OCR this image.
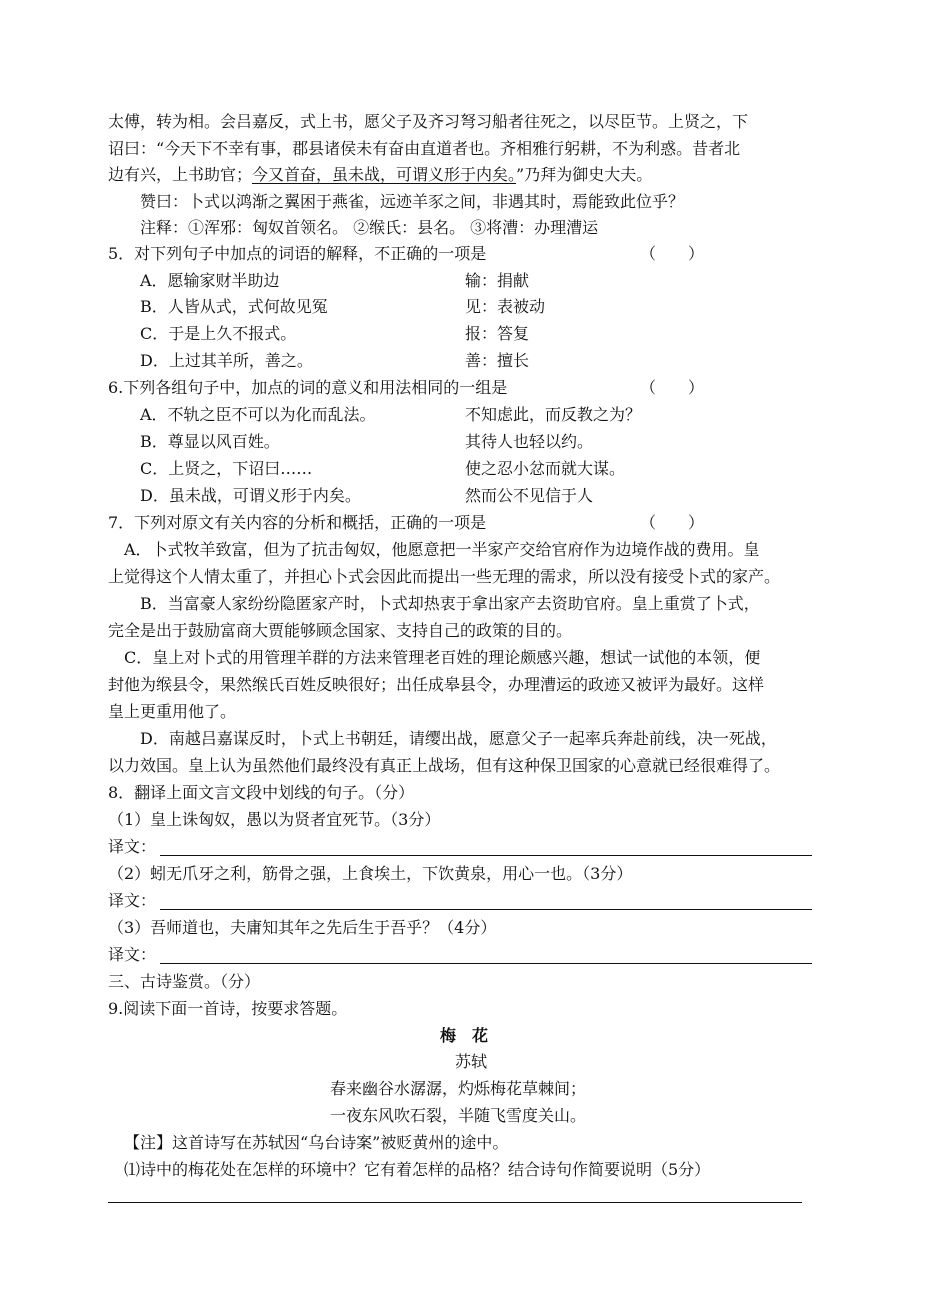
太傅，转为相。会吕嘉反，式上书，愿父子及齐习弩习船者往死之，以尽臣节。上贤之，下
诏曰：“今天下不幸有事，郡县诸侯未有奋由直道者也。齐相雅行躬耕，不为利惑。昔者北
边有兴，上书助官；今又首奋，虽未战，可谓义形于内矣。”乃拜为御史大夫。
赞曰：卜式以鸿渐之翼困于燕雀，远迹羊豕之间，非遇其时，焉能致此位乎？
注释：①浑邪：匈奴首领名。 ②缑氏：县名。 ③将漕：办理漕运
5．对下列句子中加点的词语的解释，不正确的一项是	（　　）
A．愿输家财半助边	输：捐献
B．人皆从式，式何故见冤	见：表被动
C．于是上久不报式。	报：答复
D．上过其羊所，善之。	善：擅长
6.下列各组句子中，加点的词的意义和用法相同的一组是	（　　）
A．不轨之臣不可以为化而乱法。	不知虑此，而反教之为？
B．尊显以风百姓。	其待人也轻以约。
C．上贤之，下诏曰……	使之忍小忿而就大谋。
D．虽未战，可谓义形于内矣。	然而公不见信于人
7．下列对原文有关内容的分析和概括，正确的一项是	（　　）
A．卜式牧羊致富，但为了抗击匈奴，他愿意把一半家产交给官府作为边境作战的费用。皇
上觉得这个人情太重了，并担心卜式会因此而提出一些无理的需求，所以没有接受卜式的家产。
B．当富豪人家纷纷隐匿家产时，卜式却热衷于拿出家产去资助官府。皇上重赏了卜式，
完全是出于鼓励富商大贾能够顾念国家、支持自己的政策的目的。
C．皇上对卜式的用管理羊群的方法来管理老百姓的理论颇感兴趣，想试一试他的本领，便
封他为缑县令，果然缑氏百姓反映很好；出任成皋县令，办理漕运的政迹又被评为最好。这样
皇上更重用他了。
D．南越吕嘉谋反时，卜式上书朝廷，请缨出战，愿意父子一起率兵奔赴前线，决一死战，
以力效国。皇上认为虽然他们最终没有真正上战场，但有这种保卫国家的心意就已经很难得了。
8．翻译上面文言文段中划线的句子。（分）
（1）皇上诛匈奴，愚以为贤者宜死节。（3分）
译文：
（2）蚓无爪牙之利，筋骨之强，上食埃土，下饮黄泉，用心一也。（3分）
译文：
（3）吾师道也，夫庸知其年之先后生于吾乎？（4分）
译文：
三、古诗鉴赏。（分）
9.阅读下面一首诗，按要求答题。
梅　花
苏轼
春来幽谷水潺潺，灼烁梅花草棘间；
一夜东风吹石裂，半随飞雪度关山。
【注】这首诗写在苏轼因“乌台诗案”被贬黄州的途中。
⑴诗中的梅花处在怎样的环境中？它有着怎样的品格？结合诗句作简要说明（5分）
